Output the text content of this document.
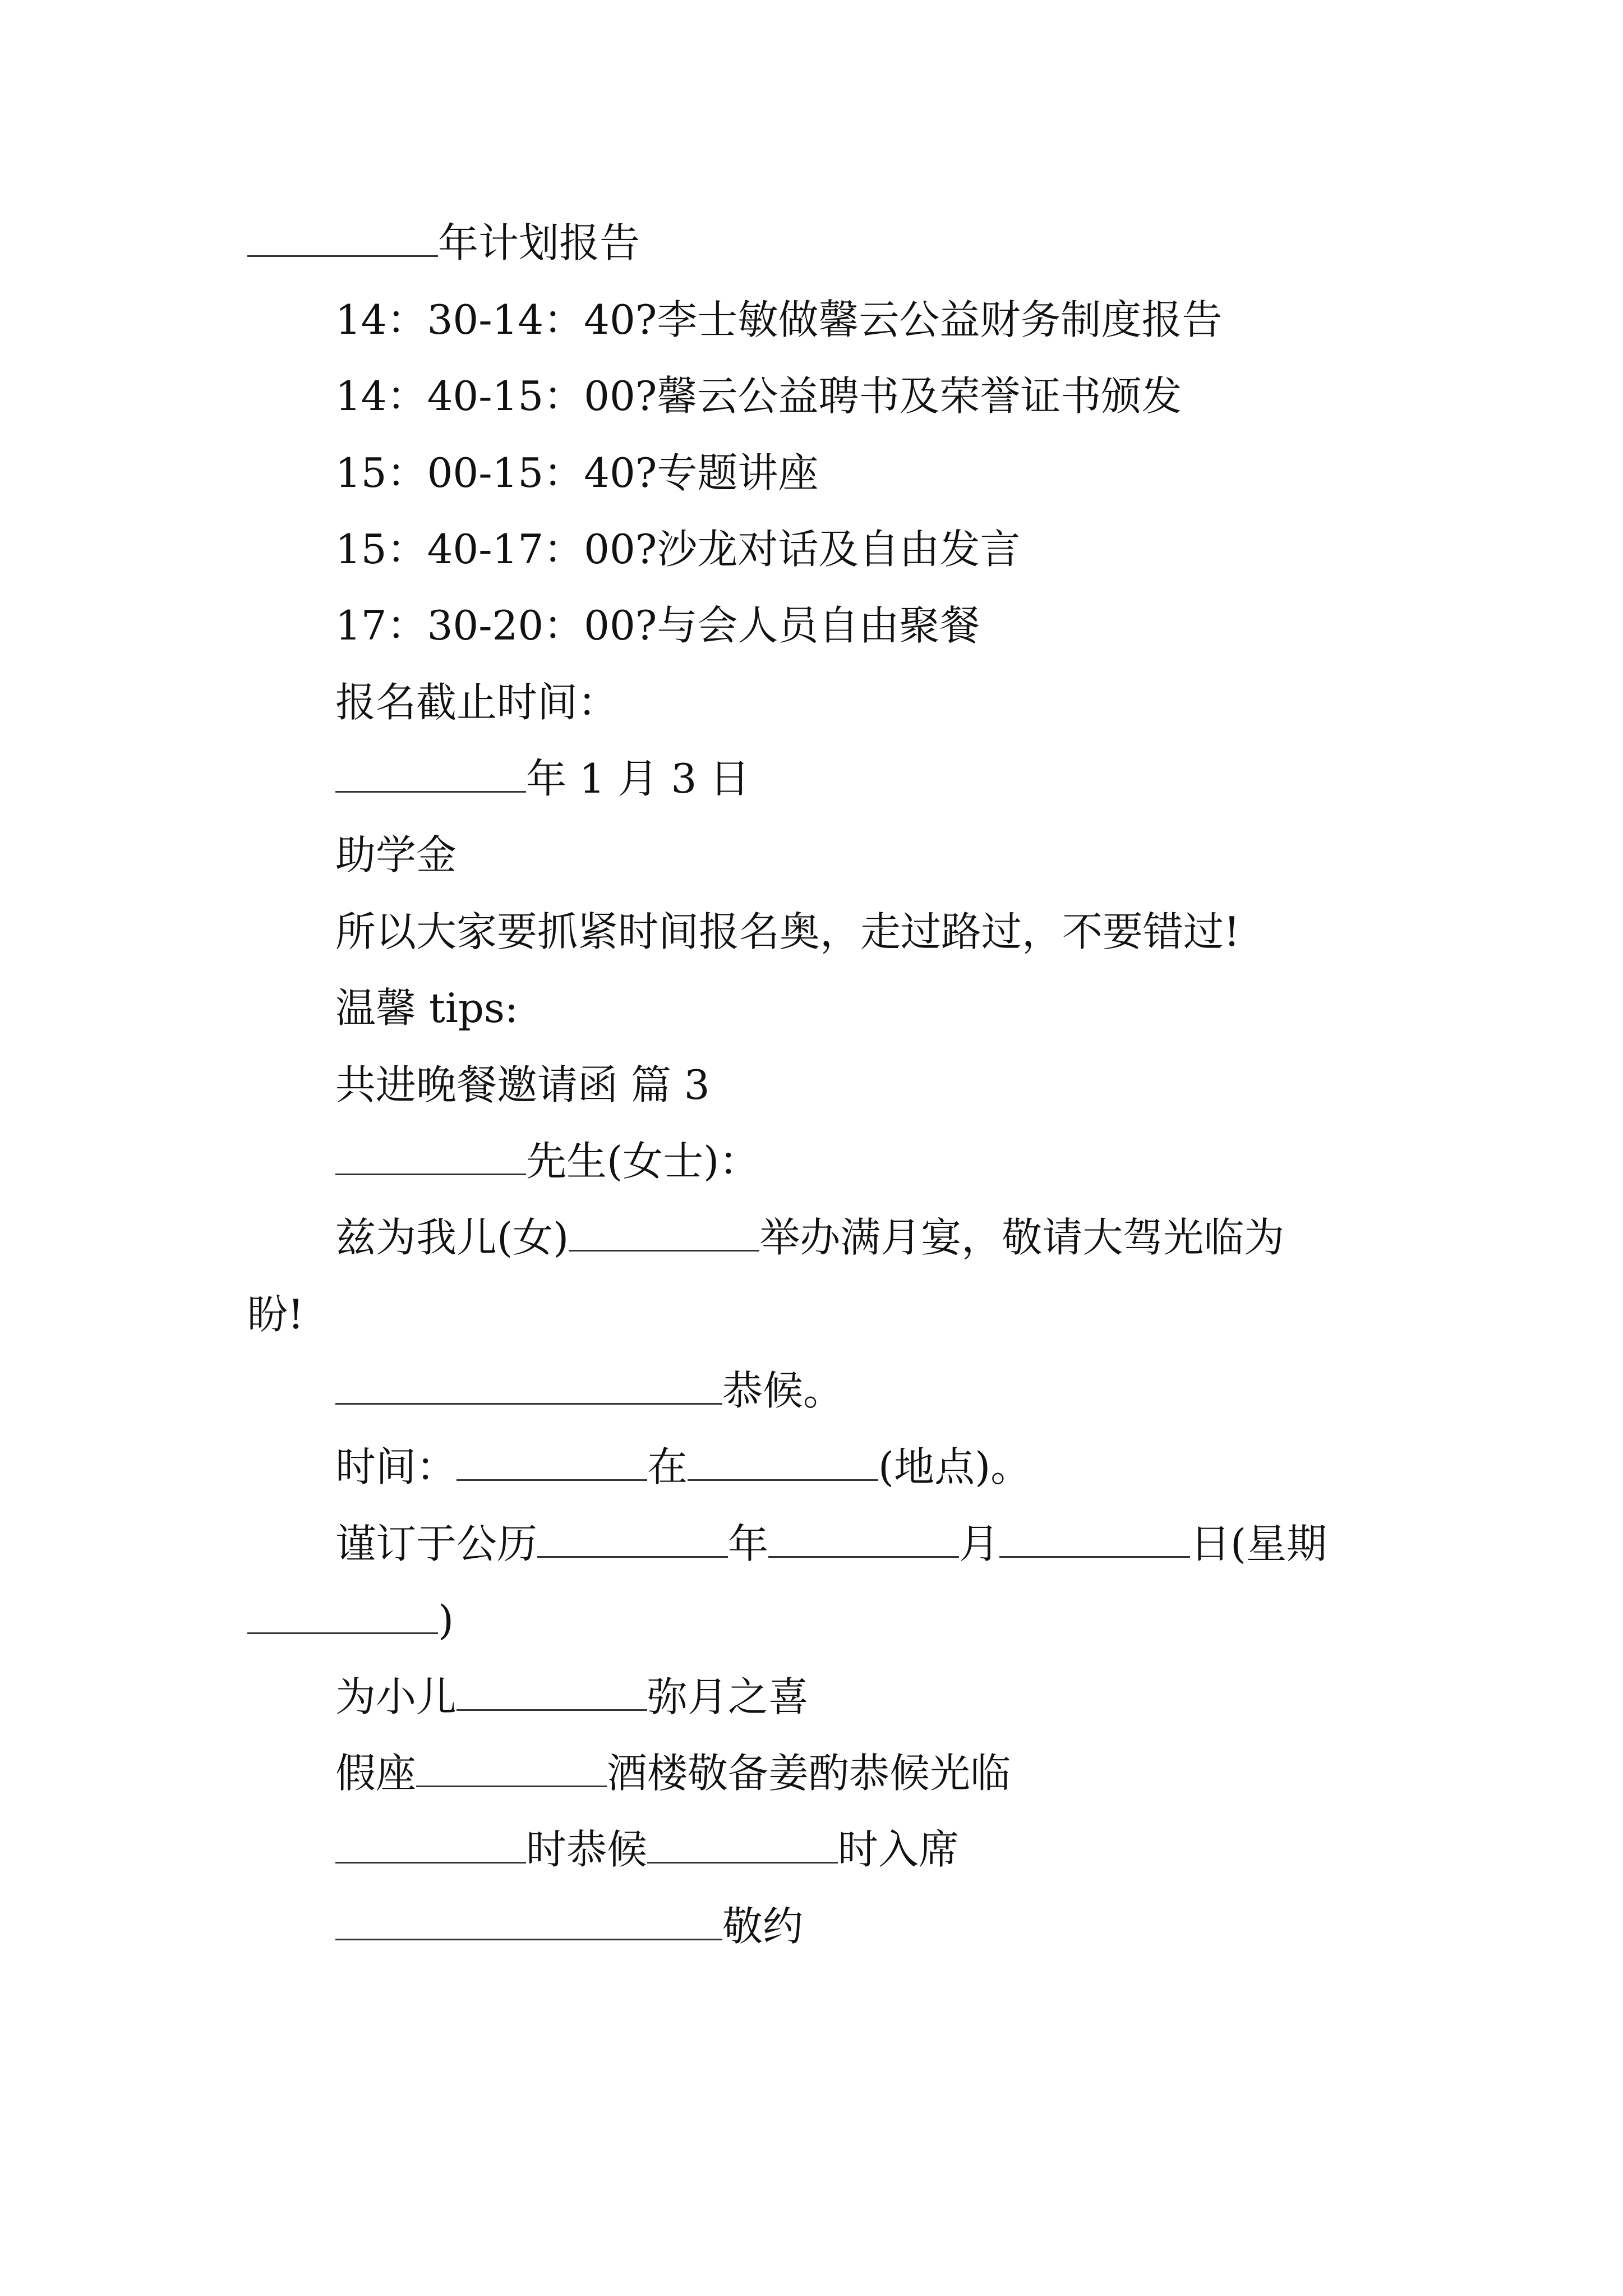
年计划报告
14：30-14：40?李士敏做馨云公益财务制度报告
14：40-15：00?馨云公益聘书及荣誉证书颁发
15：00-15：40?专题讲座
15：40-17：00?沙龙对话及自由发言
17：30-20：00?与会人员自由聚餐
报名截止时间：
年 1 月 3 日
助学金
所以大家要抓紧时间报名奥，走过路过，不要错过!
温馨 tips:
共进晚餐邀请函 篇 3
先生(女士)：
兹为我儿(女)	举办满月宴，敬请大驾光临为
盼!
恭候。
时间：	在	(地点)。
谨订于公历	年	月	日(星期
)
为小儿	弥月之喜
假座	酒楼敬备姜酌恭候光临
时恭候	时入席
敬约
